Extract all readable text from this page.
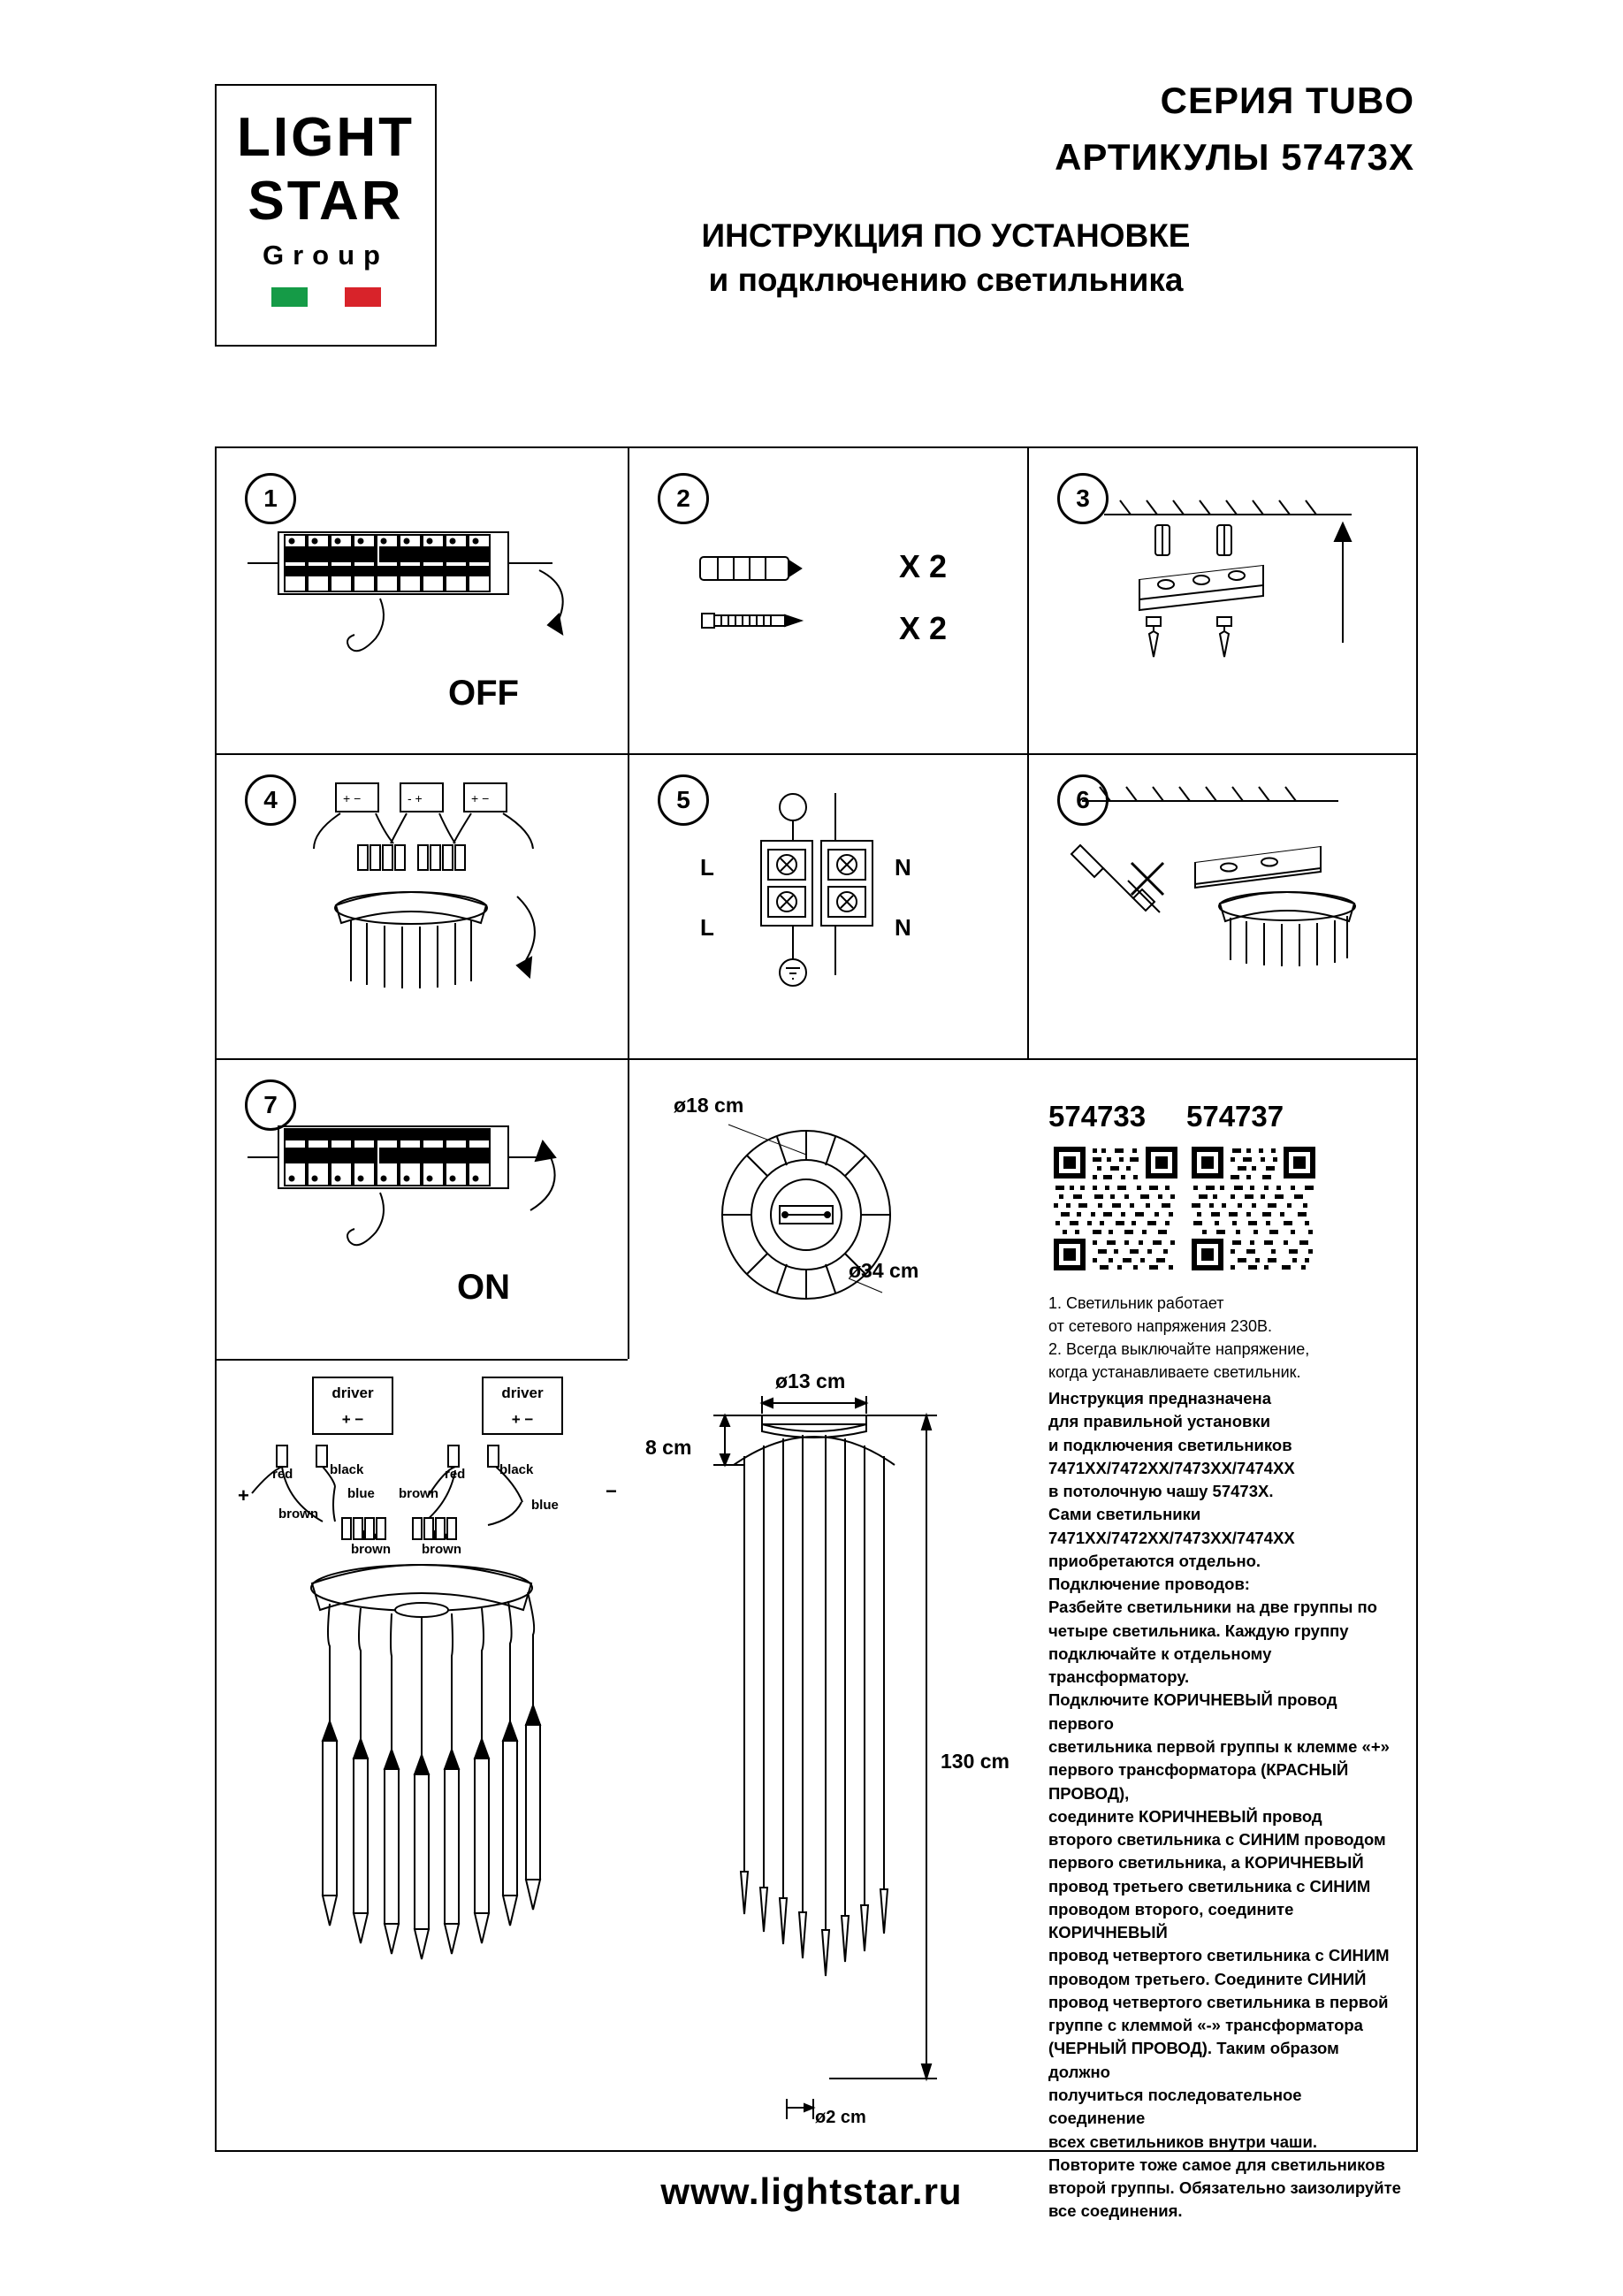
LIGHT
STAR
Group
СЕРИЯ TUBO
АРТИКУЛЫ 57473X
ИНСТРУКЦИЯ ПО УСТАНОВКЕ
и подключению светильника
1
OFF
2
X 2
X 2
3
4	+ −	- +	+ −	5
L	N
L	N
6
7
ON
ø18 cm
ø34 cm
574733 574737
1. Светильник работает
от сетевого напряжения 230В.
2. Всегда выключайте напряжение,
когда устанавливаете светильник.
driver
+ −
driver
+ −
red	black
blue
brown
red	black
blue
brown
brown brown
+	−
ø13 cm
8 cm
130 cm
ø2 cm
Инструкция предназначена
для правильной установки
и подключения светильников
7471XX/7472XX/7473XX/7474XX
в потолочную чашу 57473X.
Сами светильники
7471XX/7472XX/7473XX/7474XX
приобретаются отдельно.
Подключение проводов:
Разбейте светильники на две группы по
четыре светильника. Каждую группу
подключайте к отдельному трансформатору.
Подключите КОРИЧНЕВЫЙ провод первого
светильника первой группы к клемме «+»
первого трансформатора (КРАСНЫЙ ПРОВОД),
соедините КОРИЧНЕВЫЙ провод
второго светильника с СИНИМ проводом
первого светильника, а КОРИЧНЕВЫЙ
провод третьего светильника с СИНИМ
проводом второго, соедините КОРИЧНЕВЫЙ
провод четвертого светильника с СИНИМ
проводом третьего. Соедините СИНИЙ
провод четвертого светильника в первой
группе с клеммой «-» трансформатора
(ЧЕРНЫЙ ПРОВОД). Таким образом должно
получиться последовательное соединение
всех светильников внутри чаши.
Повторите тоже самое для светильников
второй группы. Обязательно заизолируйте
все соединения.
www.lightstar.ru
